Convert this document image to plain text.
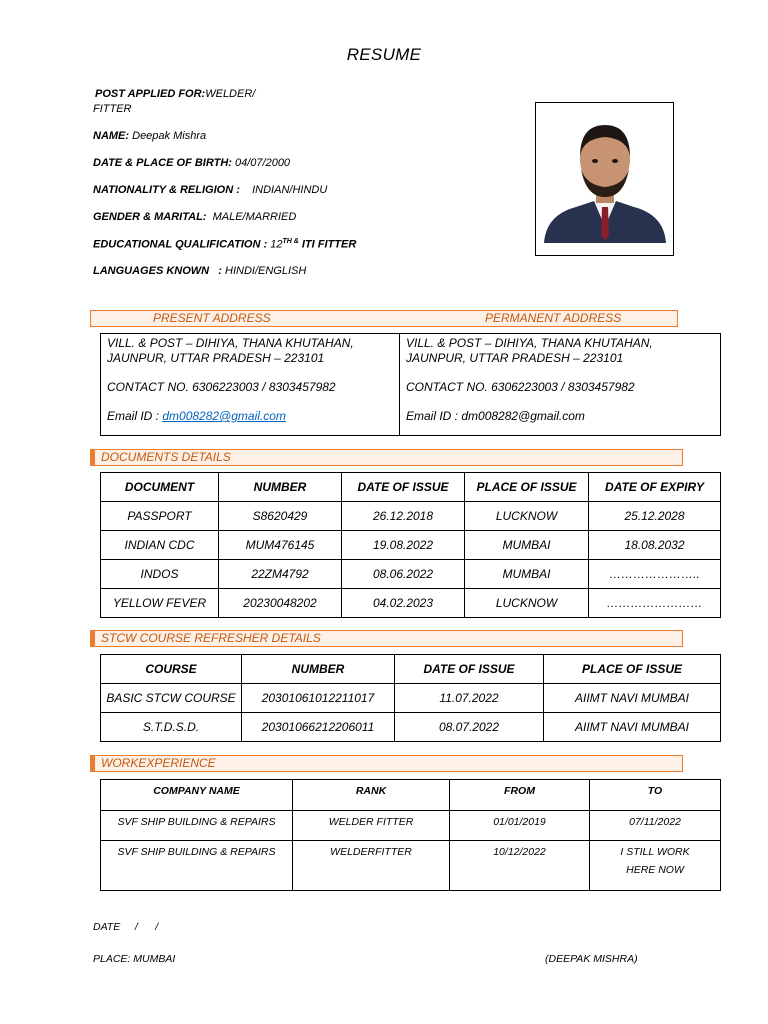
RESUME
POST APPLIED FOR:WELDER/
FITTER
NAME: Deepak Mishra
DATE & PLACE OF BIRTH: 04/07/2000
NATIONALITY & RELIGION : INDIAN/HINDU
GENDER & MARITAL: MALE/MARRIED
EDUCATIONAL QUALIFICATION : $12^{TH \&}$ ITI FITTER
LANGUAGES KNOWN : HINDI/ENGLISH
PRESENT ADDRESS	PERMANENT ADDRESS
VILL. & POST – DIHIYA, THANA KHUTAHAN,
JAUNPUR, UTTAR PRADESH – 223101
CONTACT NO. 6306223003 / 8303457982
Email ID : dm008282@gmail.com

VILL. & POST – DIHIYA, THANA KHUTAHAN,
JAUNPUR, UTTAR PRADESH – 223101
CONTACT NO. 6306223003 / 8303457982
Email ID : dm008282@gmail.com
DOCUMENTS DETAILS
DOCUMENT	NUMBER	DATE OF ISSUE	PLACE OF ISSUE	DATE OF EXPIRY
PASSPORT	S8620429	26.12.2018	LUCKNOW	25.12.2028
INDIAN CDC	MUM476145	19.08.2022	MUMBAI	18.08.2032
INDOS	22ZM4792	08.06.2022	MUMBAI	…………………..
YELLOW FEVER	20230048202	04.02.2023	LUCKNOW	……………………
STCW COURSE REFRESHER DETAILS
COURSE	NUMBER	DATE OF ISSUE	PLACE OF ISSUE
BASIC STCW COURSE	20301061012211017	11.07.2022	AIIMT NAVI MUMBAI
S.T.D.S.D.	20301066212206011	08.07.2022	AIIMT NAVI MUMBAI
WORKEXPERIENCE
COMPANY NAME	RANK	FROM	TO
SVF SHIP BUILDING & REPAIRS	WELDER FITTER	01/01/2019	07/11/2022
SVF SHIP BUILDING & REPAIRS	WELDERFITTER	10/12/2022	I STILL WORK HERE NOW
DATE / /
PLACE: MUMBAI	(DEEPAK MISHRA)
